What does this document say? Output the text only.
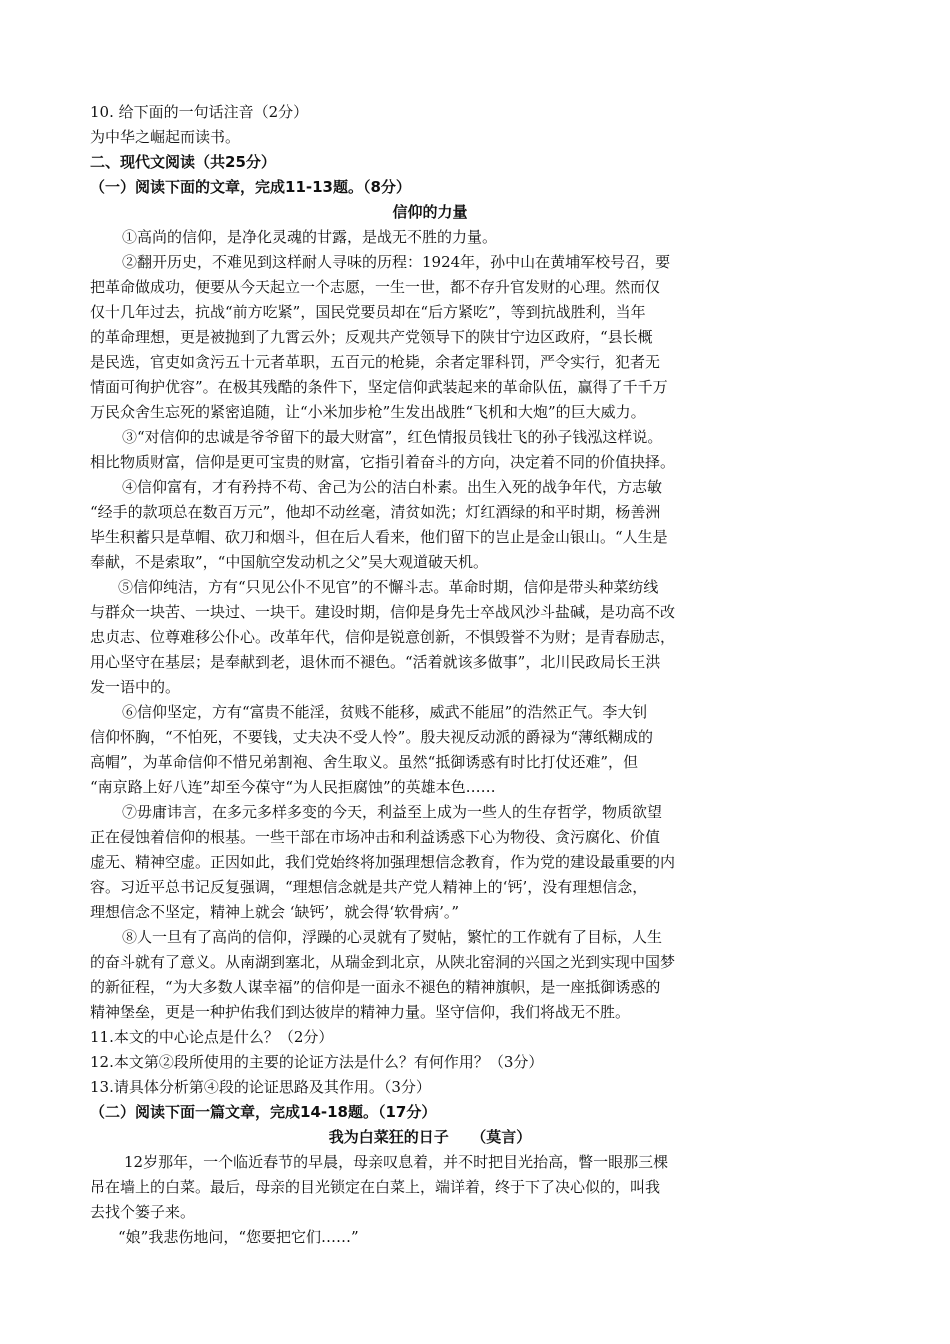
10. 给下面的一句话注音（2分）
为中华之崛起而读书。
二、现代文阅读（共25分）
（一）阅读下面的文章，完成11-13题。（8分）
信仰的力量
①高尚的信仰，是净化灵魂的甘露，是战无不胜的力量。
②翻开历史，不难见到这样耐人寻味的历程：1924年，孙中山在黄埔军校号召，要
把革命做成功，便要从今天起立一个志愿，一生一世，都不存升官发财的心理。然而仅
仅十几年过去，抗战“前方吃紧”，国民党要员却在“后方紧吃”，等到抗战胜利，当年
的革命理想，更是被抛到了九霄云外；反观共产党领导下的陕甘宁边区政府，“县长概
是民选，官吏如贪污五十元者革职，五百元的枪毙，余者定罪科罚，严令实行，犯者无
情面可徇护优容”。在极其残酷的条件下，坚定信仰武装起来的革命队伍，赢得了千千万
万民众舍生忘死的紧密追随，让“小米加步枪”生发出战胜“飞机和大炮”的巨大威力。
③“对信仰的忠诚是爷爷留下的最大财富”，红色情报员钱壮飞的孙子钱泓这样说。
相比物质财富，信仰是更可宝贵的财富，它指引着奋斗的方向，决定着不同的价值抉择。
④信仰富有，才有矜持不苟、舍己为公的洁白朴素。出生入死的战争年代，方志敏
“经手的款项总在数百万元”，他却不动丝毫，清贫如洗；灯红酒绿的和平时期，杨善洲
毕生积蓄只是草帽、砍刀和烟斗，但在后人看来，他们留下的岂止是金山银山。“人生是
奉献，不是索取”，“中国航空发动机之父”吴大观道破天机。
⑤信仰纯洁，方有“只见公仆不见官”的不懈斗志。革命时期，信仰是带头种菜纺线
与群众一块苦、一块过、一块干。建设时期，信仰是身先士卒战风沙斗盐碱，是功高不改
忠贞志、位尊难移公仆心。改革年代，信仰是锐意创新，不惧毁誉不为财；是青春励志，
用心坚守在基层；是奉献到老，退休而不褪色。“活着就该多做事”，北川民政局长王洪
发一语中的。
⑥信仰坚定，方有“富贵不能淫，贫贱不能移，威武不能屈”的浩然正气。李大钊
信仰怀胸，“不怕死，不要钱，丈夫决不受人怜”。殷夫视反动派的爵禄为“薄纸糊成的
高帽”，为革命信仰不惜兄弟割袍、舍生取义。虽然“抵御诱惑有时比打仗还难”，但
“南京路上好八连”却至今葆守“为人民拒腐蚀”的英雄本色……
⑦毋庸讳言，在多元多样多变的今天，利益至上成为一些人的生存哲学，物质欲望
正在侵蚀着信仰的根基。一些干部在市场冲击和利益诱惑下心为物役、贪污腐化、价值
虚无、精神空虚。正因如此，我们党始终将加强理想信念教育，作为党的建设最重要的内
容。习近平总书记反复强调，“理想信念就是共产党人精神上的‘钙’，没有理想信念，
理想信念不坚定，精神上就会 ‘缺钙’，就会得‘软骨病’。”
⑧人一旦有了高尚的信仰，浮躁的心灵就有了熨帖，繁忙的工作就有了目标，人生
的奋斗就有了意义。从南湖到塞北，从瑞金到北京，从陕北窑洞的兴国之光到实现中国梦
的新征程，“为大多数人谋幸福”的信仰是一面永不褪色的精神旗帜，是一座抵御诱惑的
精神堡垒，更是一种护佑我们到达彼岸的精神力量。坚守信仰，我们将战无不胜。
11.本文的中心论点是什么？（2分）
12.本文第②段所使用的主要的论证方法是什么？有何作用？（3分）
13.请具体分析第④段的论证思路及其作用。（3分）
（二）阅读下面一篇文章，完成14-18题。（17分）
我为白菜狂的日子　　（莫言）
12岁那年，一个临近春节的早晨，母亲叹息着，并不时把目光抬高，瞥一眼那三棵
吊在墙上的白菜。最后，母亲的目光锁定在白菜上，端详着，终于下了决心似的，叫我
去找个篓子来。
“娘”我悲伤地问，“您要把它们……”
